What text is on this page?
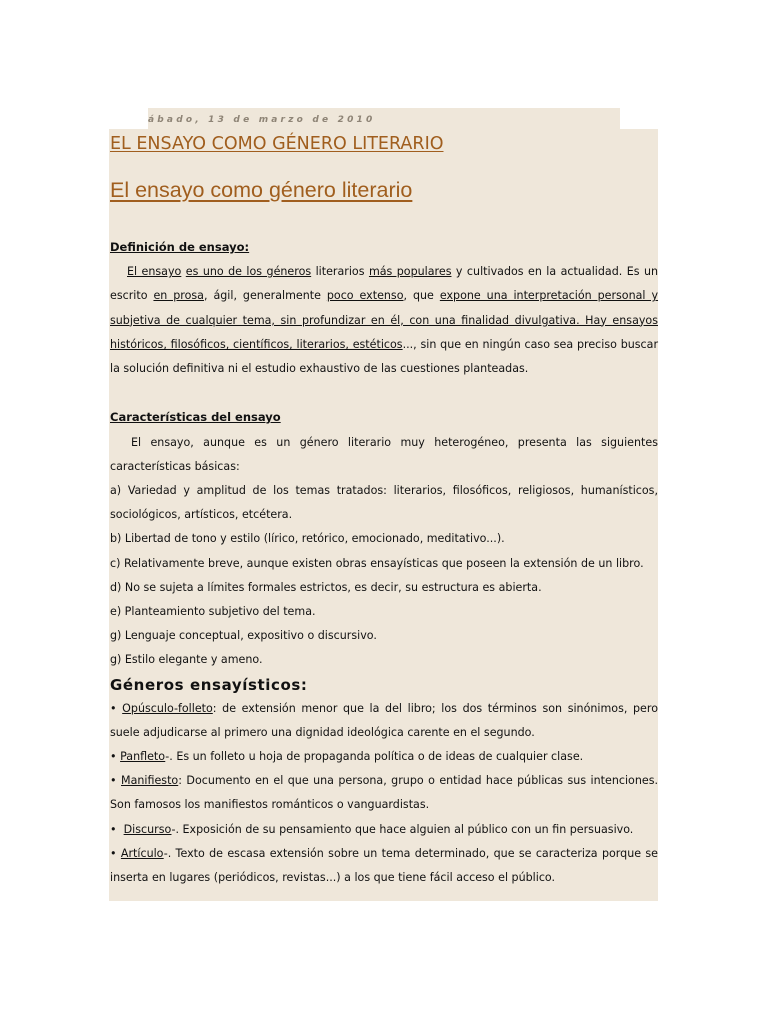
ábado, 13 de marzo de 2010
EL ENSAYO COMO GÉNERO LITERARIO
El ensayo como género literario

Definición de ensayo:

El ensayo es uno de los géneros literarios más populares y cultivados en la actualidad. Es un escrito en prosa, ágil, generalmente poco extenso, que expone una interpretación personal y subjetiva de cualquier tema, sin profundizar en él, con una finalidad divulgativa. Hay ensayos históricos, filosóficos, científicos, literarios, estéticos..., sin que en ningún caso sea preciso buscar la solución definitiva ni el estudio exhaustivo de las cuestiones planteadas.

Características del ensayo

El ensayo, aunque es un género literario muy heterogéneo, presenta las siguientes características básicas:

a) Variedad y amplitud de los temas tratados: literarios, filosóficos, religiosos, humanísticos, sociológicos, artísticos, etcétera.

b) Libertad de tono y estilo (lírico, retórico, emocionado, meditativo...).

c) Relativamente breve, aunque existen obras ensayísticas que poseen la extensión de un libro.

d) No se sujeta a límites formales estrictos, es decir, su estructura es abierta.

e) Planteamiento subjetivo del tema.

g) Lenguaje conceptual, expositivo o discursivo.

g) Estilo elegante y ameno.

Géneros ensayísticos:

• Opúsculo-folleto: de extensión menor que la del libro; los dos términos son sinónimos, pero suele adjudicarse al primero una dignidad ideológica carente en el segundo.

• Panfleto-. Es un folleto u hoja de propaganda política o de ideas de cualquier clase.

• Manifiesto: Documento en el que una persona, grupo o entidad hace públicas sus intenciones. Son famosos los manifiestos románticos o vanguardistas.

•  Discurso-. Exposición de su pensamiento que hace alguien al público con un fin persuasivo.

• Artículo-. Texto de escasa extensión sobre un tema determinado, que se caracteriza porque se inserta en lugares (periódicos, revistas...) a los que tiene fácil acceso el público.
